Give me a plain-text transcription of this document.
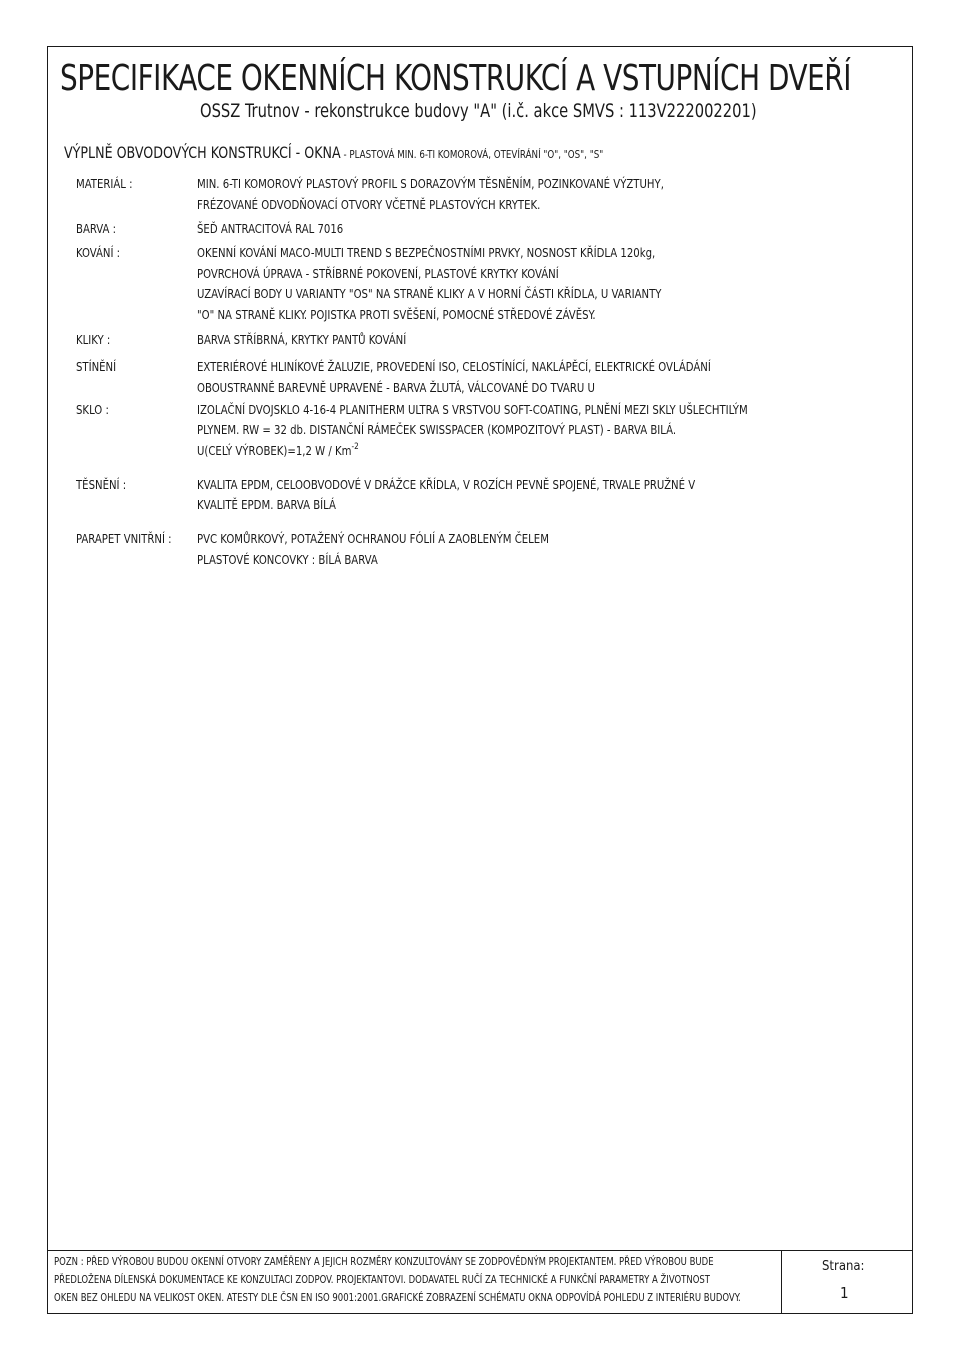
SPECIFIKACE OKENNÍCH KONSTRUKCÍ A VSTUPNÍCH DVEŘÍ
OSSZ Trutnov - rekonstrukce budovy "A" (i.č. akce SMVS : 113V222002201)
VÝPLNĚ OBVODOVÝCH KONSTRUKCÍ - OKNA - PLASTOVÁ MIN. 6-TI KOMOROVÁ, OTEVÍRÁNÍ "O", "OS", "S"
MATERIÁL :	MIN. 6-TI KOMOROVÝ PLASTOVÝ PROFIL S DORAZOVÝM TĚSNĚNÍM, POZINKOVANÉ VÝZTUHY,
FRÉZOVANÉ ODVODŇOVACÍ OTVORY VČETNĚ PLASTOVÝCH KRYTEK.
BARVA :	ŠEĎ ANTRACITOVÁ RAL 7016
KOVÁNÍ :	OKENNÍ KOVÁNÍ MACO-MULTI TREND S BEZPEČNOSTNÍMI PRVKY, NOSNOST KŘÍDLA 120kg,
POVRCHOVÁ ÚPRAVA - STŘÍBRNÉ POKOVENÍ, PLASTOVÉ KRYTKY KOVÁNÍ
UZAVÍRACÍ BODY U VARIANTY "OS" NA STRANĚ KLIKY A V HORNÍ ČÁSTI KŘÍDLA, U VARIANTY
"O" NA STRANĚ KLIKY. POJISTKA PROTI SVĚŠENÍ, POMOCNÉ STŘEDOVÉ ZÁVĚSY.
KLIKY :	BARVA STŘÍBRNÁ, KRYTKY PANTŮ KOVÁNÍ
STÍNĚNÍ	EXTERIÉROVÉ HLINÍKOVÉ ŽALUZIE, PROVEDENÍ ISO, CELOSTÍNÍCÍ, NAKLÁPĚCÍ, ELEKTRICKÉ OVLÁDÁNÍ
OBOUSTRANNĚ BAREVNĚ UPRAVENÉ - BARVA ŽLUTÁ, VÁLCOVANÉ DO TVARU U
SKLO :	IZOLAČNÍ DVOJSKLO 4-16-4 PLANITHERM ULTRA S VRSTVOU SOFT-COATING, PLNĚNÍ MEZI SKLY UŠLECHTILÝM
PLYNEM. RW = 32 db. DISTANČNÍ RÁMEČEK SWISSPACER (KOMPOZITOVÝ PLAST) - BARVA BILÁ.
U(CELÝ VÝROBEK)=1,2 W / $Km^{-2}$
TĚSNĚNÍ :	KVALITA EPDM, CELOOBVODOVÉ V DRÁŽCE KŘÍDLA, V ROZÍCH PEVNĚ SPOJENÉ, TRVALE PRUŽNÉ V
KVALITĚ EPDM. BARVA BÍLÁ
PARAPET VNITŘNÍ : PVC KOMŮRKOVÝ, POTAŽENÝ OCHRANOU FÓLIÍ A ZAOBLENÝM ČELEM
PLASTOVÉ KONCOVKY : BÍLÁ BARVA
POZN : PŘED VÝROBOU BUDOU OKENNÍ OTVORY ZAMĚŘENY A JEJICH ROZMĚRY KONZULTOVÁNY SE ZODPOVĚDNÝM PROJEKTANTEM. PŘED VÝROBOU BUDE
PŘEDLOŽENA DÍLENSKÁ DOKUMENTACE KE KONZULTACI ZODPOV. PROJEKTANTOVI. DODAVATEL RUČÍ ZA TECHNICKÉ A FUNKČNÍ PARAMETRY A ŽIVOTNOST
OKEN BEZ OHLEDU NA VELIKOST OKEN. ATESTY DLE ČSN EN ISO 9001:2001.GRAFICKÉ ZOBRAZENÍ SCHÉMATU OKNA ODPOVÍDÁ POHLEDU Z INTERIÉRU BUDOVY.
Strana:
1
